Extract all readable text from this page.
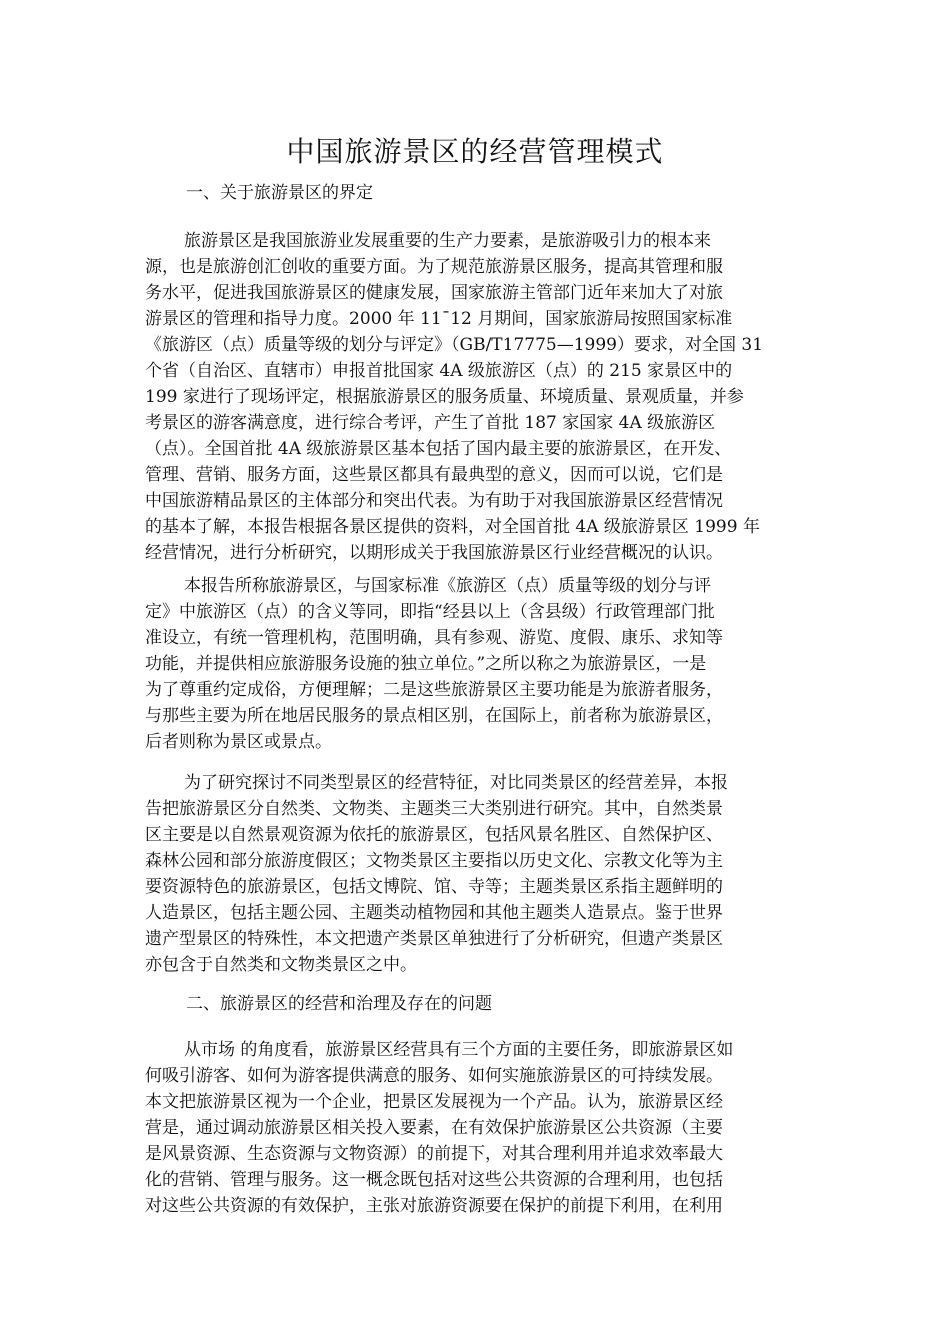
中国旅游景区的经营管理模式
一、关于旅游景区的界定
旅游景区是我国旅游业发展重要的生产力要素，是旅游吸引力的根本来
源，也是旅游创汇创收的重要方面。为了规范旅游景区服务，提高其管理和服
务水平，促进我国旅游景区的健康发展，国家旅游主管部门近年来加大了对旅
游景区的管理和指导力度。2000 年 11¯12 月期间，国家旅游局按照国家标准
《旅游区（点）质量等级的划分与评定》（GB/T17775—1999）要求，对全国 31
个省（自治区、直辖市）申报首批国家 4A 级旅游区（点）的 215 家景区中的
199 家进行了现场评定，根据旅游景区的服务质量、环境质量、景观质量，并参
考景区的游客满意度，进行综合考评，产生了首批 187 家国家 4A 级旅游区
（点）。全国首批 4A 级旅游景区基本包括了国内最主要的旅游景区，在开发、
管理、营销、服务方面，这些景区都具有最典型的意义，因而可以说，它们是
中国旅游精品景区的主体部分和突出代表。为有助于对我国旅游景区经营情况
的基本了解，本报告根据各景区提供的资料，对全国首批 4A 级旅游景区 1999 年
经营情况，进行分析研究，以期形成关于我国旅游景区行业经营概况的认识。
本报告所称旅游景区，与国家标准《旅游区（点）质量等级的划分与评
定》中旅游区（点）的含义等同，即指“经县以上（含县级）行政管理部门批
准设立，有统一管理机构，范围明确，具有参观、游览、度假、康乐、求知等
功能，并提供相应旅游服务设施的独立单位。”之所以称之为旅游景区，一是
为了尊重约定成俗，方便理解；二是这些旅游景区主要功能是为旅游者服务，
与那些主要为所在地居民服务的景点相区别，在国际上，前者称为旅游景区，
后者则称为景区或景点。
为了研究探讨不同类型景区的经营特征，对比同类景区的经营差异，本报
告把旅游景区分自然类、文物类、主题类三大类别进行研究。其中，自然类景
区主要是以自然景观资源为依托的旅游景区，包括风景名胜区、自然保护区、
森林公园和部分旅游度假区；文物类景区主要指以历史文化、宗教文化等为主
要资源特色的旅游景区，包括文博院、馆、寺等；主题类景区系指主题鲜明的
人造景区，包括主题公园、主题类动植物园和其他主题类人造景点。鉴于世界
遗产型景区的特殊性，本文把遗产类景区单独进行了分析研究，但遗产类景区
亦包含于自然类和文物类景区之中。
二、旅游景区的经营和治理及存在的问题
从市场 的角度看，旅游景区经营具有三个方面的主要任务，即旅游景区如
何吸引游客、如何为游客提供满意的服务、如何实施旅游景区的可持续发展。
本文把旅游景区视为一个企业，把景区发展视为一个产品。认为，旅游景区经
营是，通过调动旅游景区相关投入要素，在有效保护旅游景区公共资源（主要
是风景资源、生态资源与文物资源）的前提下，对其合理利用并追求效率最大
化的营销、管理与服务。这一概念既包括对这些公共资源的合理利用，也包括
对这些公共资源的有效保护，主张对旅游资源要在保护的前提下利用，在利用
